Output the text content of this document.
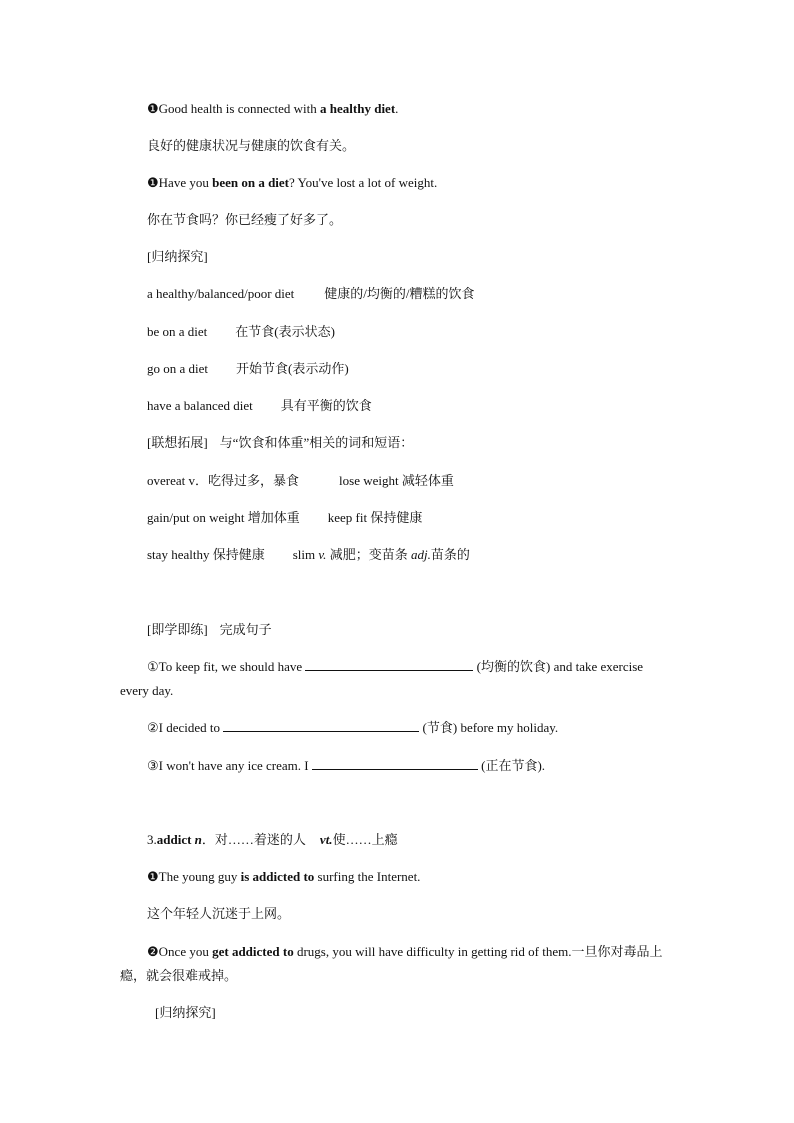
❶Good health is connected with a healthy diet.
良好的健康状况与健康的饮食有关。
❶Have you been on a diet? You've lost a lot of weight.
你在节食吗？你已经瘦了好多了。
[归纳探究]
a healthy/balanced/poor diet 健康的/均衡的/糟糕的饮食
be on a diet 在节食(表示状态)
go on a diet 开始节食(表示动作)
have a balanced diet 具有平衡的饮食
[联想拓展] 与“饮食和体重”相关的词和短语：
overeat v．吃得过多，暴食	lose weight 减轻体重
gain/put on weight 增加体重 keep fit 保持健康
stay healthy 保持健康 slim v. 减肥；变苗条 adj.苗条的
[即学即练] 完成句子
①To keep fit, we should have	(均衡的饮食) and take exercise
every day.
②I decided to	(节食) before my holiday.
③I won't have any ice cream. I	(正在节食).
3.addict n．对……着迷的人 vt.使……上瘾
❶The young guy is addicted to surfing the Internet.
这个年轻人沉迷于上网。
❷Once you get addicted to drugs, you will have difficulty in getting rid of them.一旦你对毒品上瘾，就会很难戒掉。
[归纳探究]
